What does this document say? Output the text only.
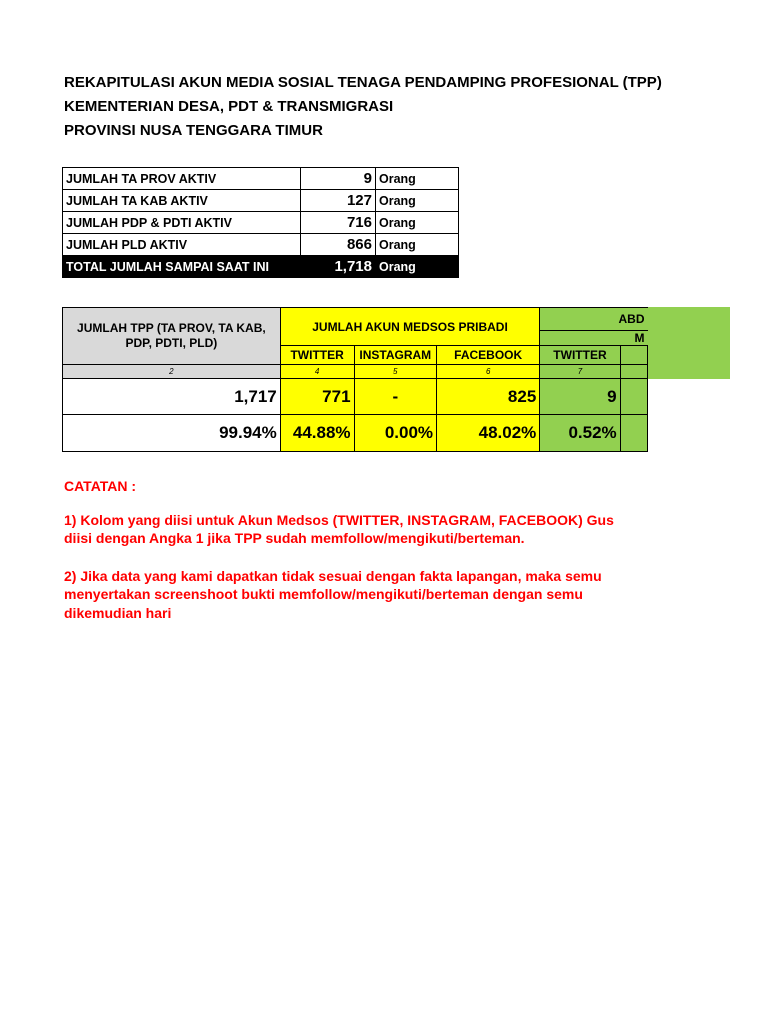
REKAPITULASI AKUN MEDIA SOSIAL TENAGA PENDAMPING PROFESIONAL (TPP)
KEMENTERIAN DESA, PDT & TRANSMIGRASI
PROVINSI NUSA TENGGARA TIMUR
JUMLAH TA PROV AKTIV	9	Orang
JUMLAH TA KAB AKTIV	127	Orang
JUMLAH PDP & PDTI AKTIV	716	Orang
JUMLAH PLD AKTIV	866	Orang
TOTAL JUMLAH SAMPAI SAAT INI	1,718	Orang
JUMLAH TPP (TA PROV, TA KAB, PDP, PDTI, PLD)	JUMLAH AKUN MEDSOS PRIBADI			ABD	
				M	
	TWITTER	INSTAGRAM	FACEBOOK	TWITTER	
2	4	5	6	7	
1,717	771	-	825	9	
99.94%	44.88%	0.00%	48.02%	0.52%	
CATATAN :
1) Kolom yang diisi untuk Akun Medsos (TWITTER, INSTAGRAM, FACEBOOK) Gus
diisi dengan Angka 1 jika TPP sudah memfollow/mengikuti/berteman.
2) Jika data yang kami dapatkan tidak sesuai dengan fakta lapangan, maka semu
menyertakan screenshoot bukti memfollow/mengikuti/berteman dengan semu
dikemudian hari
